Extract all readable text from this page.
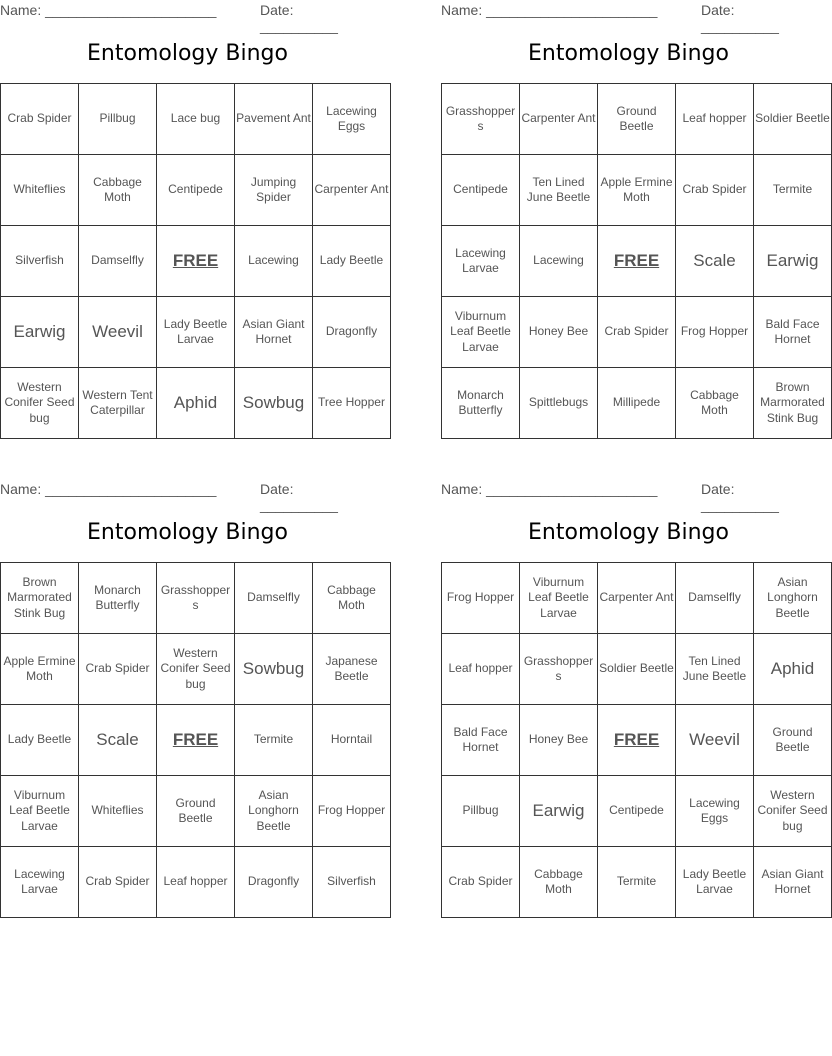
Name: ______________________	Date: __________
Entomology Bingo
Crab Spider	Pillbug	Lace bug	Pavement Ant	Lacewing Eggs
Whiteflies	Cabbage Moth	Centipede	Jumping Spider	Carpenter Ant
Silverfish	Damselfly	FREE	Lacewing	Lady Beetle
Earwig	Weevil	Lady Beetle Larvae	Asian Giant Hornet	Dragonfly
Western Conifer Seed bug	Western Tent Caterpillar	Aphid	Sowbug	Tree Hopper
Name: ______________________	Date: __________
Entomology Bingo
Grasshoppers	Carpenter Ant	Ground Beetle	Leaf hopper	Soldier Beetle
Centipede	Ten Lined June Beetle	Apple Ermine Moth	Crab Spider	Termite
Lacewing Larvae	Lacewing	FREE	Scale	Earwig
Viburnum Leaf Beetle Larvae	Honey Bee	Crab Spider	Frog Hopper	Bald Face Hornet
Monarch Butterfly	Spittlebugs	Millipede	Cabbage Moth	Brown Marmorated Stink Bug
Name: ______________________	Date: __________
Entomology Bingo
Brown Marmorated Stink Bug	Monarch Butterfly	Grasshoppers	Damselfly	Cabbage Moth
Apple Ermine Moth	Crab Spider	Western Conifer Seed bug	Sowbug	Japanese Beetle
Lady Beetle	Scale	FREE	Termite	Horntail
Viburnum Leaf Beetle Larvae	Whiteflies	Ground Beetle	Asian Longhorn Beetle	Frog Hopper
Lacewing Larvae	Crab Spider	Leaf hopper	Dragonfly	Silverfish
Name: ______________________	Date: __________
Entomology Bingo
Frog Hopper	Viburnum Leaf Beetle Larvae	Carpenter Ant	Damselfly	Asian Longhorn Beetle
Leaf hopper	Grasshoppers	Soldier Beetle	Ten Lined June Beetle	Aphid
Bald Face Hornet	Honey Bee	FREE	Weevil	Ground Beetle
Pillbug	Earwig	Centipede	Lacewing Eggs	Western Conifer Seed bug
Crab Spider	Cabbage Moth	Termite	Lady Beetle Larvae	Asian Giant Hornet
